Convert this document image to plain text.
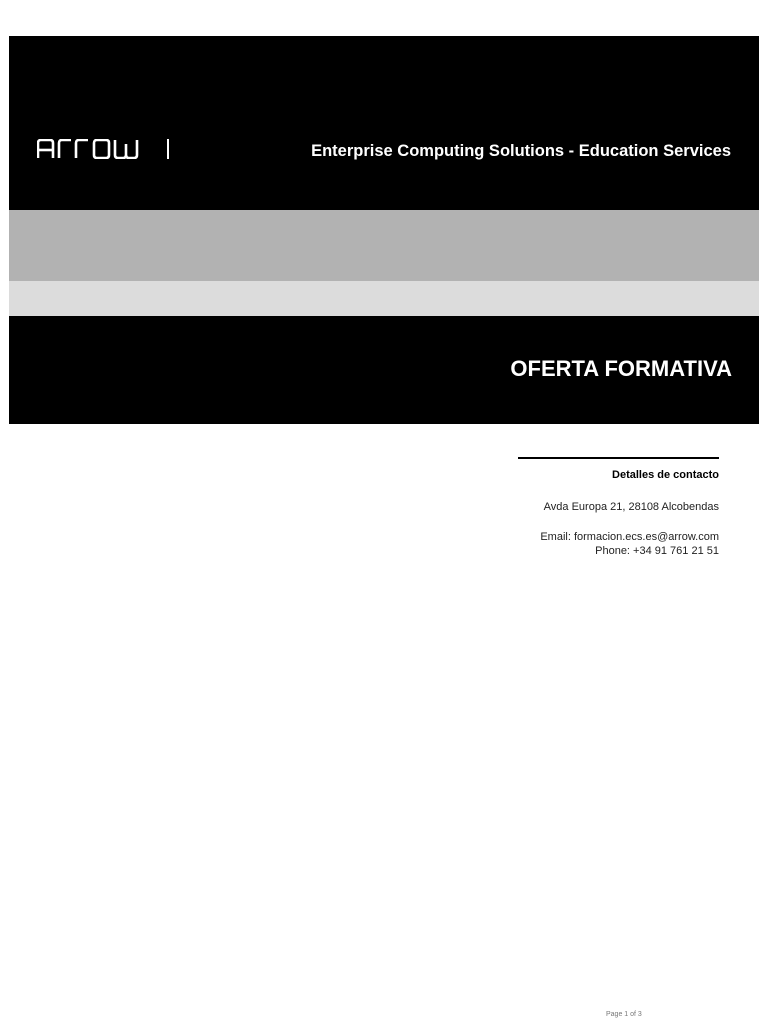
Enterprise Computing Solutions - Education Services
OFERTA FORMATIVA
Detalles de contacto
Avda Europa 21, 28108 Alcobendas
Email: formacion.ecs.es@arrow.com
Phone: +34 91 761 21 51
Page 1 of 3
